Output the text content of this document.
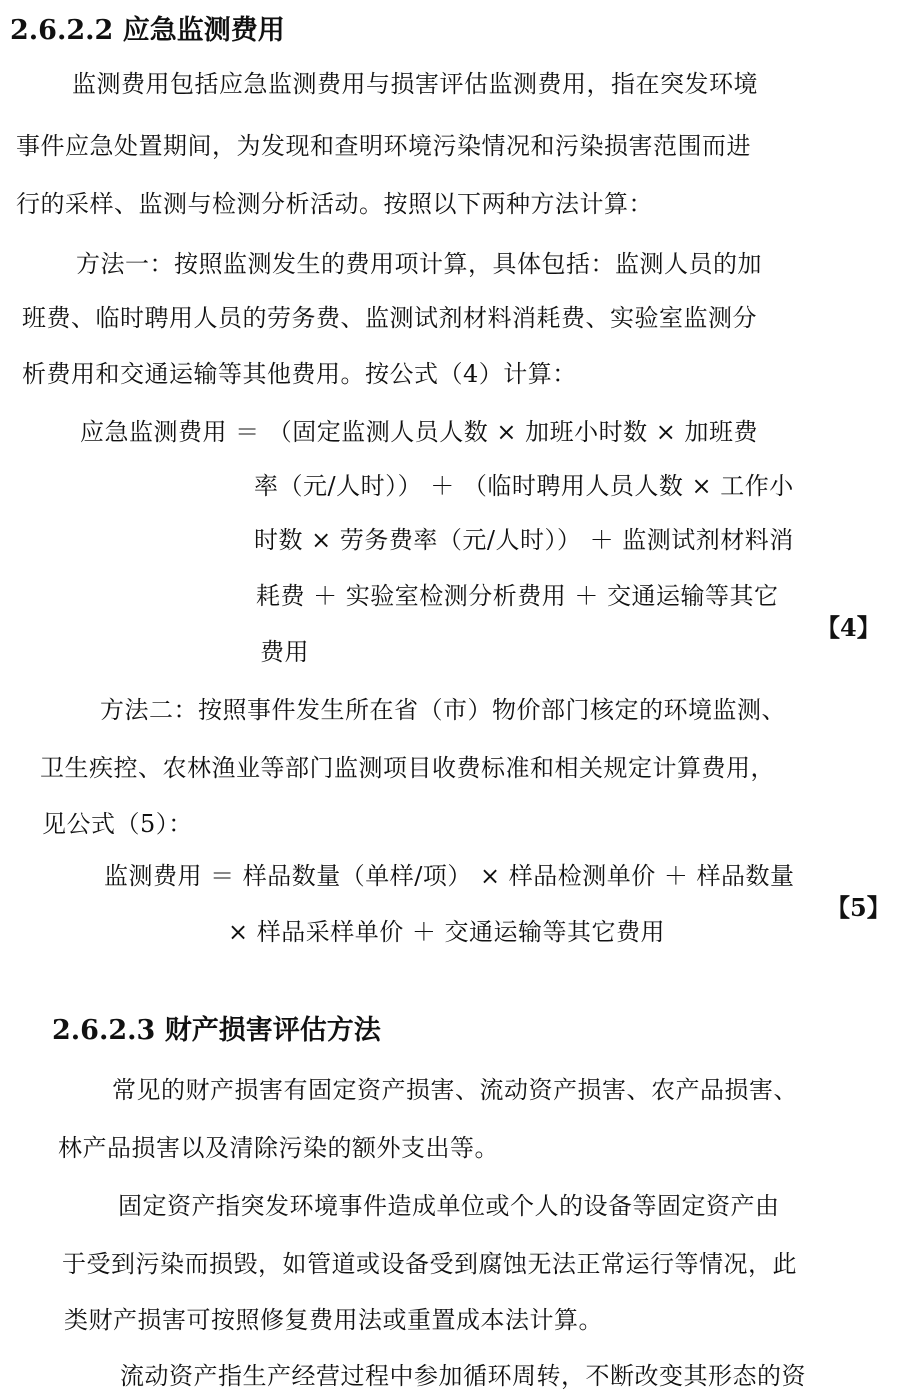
2.6.2.2 应急监测费用
监测费用包括应急监测费用与损害评估监测费用，指在突发环境
事件应急处置期间，为发现和查明环境污染情况和污染损害范围而进
行的采样、监测与检测分析活动。按照以下两种方法计算：
方法一：按照监测发生的费用项计算，具体包括：监测人员的加
班费、临时聘用人员的劳务费、监测试剂材料消耗费、实验室监测分
析费用和交通运输等其他费用。按公式（4）计算：
应急监测费用 ＝ （固定监测人员人数 × 加班小时数 × 加班费
率（元/人时）） ＋ （临时聘用人员人数 × 工作小
时数 × 劳务费率（元/人时）） ＋ 监测试剂材料消
耗费 ＋ 实验室检测分析费用 ＋ 交通运输等其它
费用
【4】
方法二：按照事件发生所在省（市）物价部门核定的环境监测、
卫生疾控、农林渔业等部门监测项目收费标准和相关规定计算费用，
见公式（5）：
监测费用 ＝ 样品数量（单样/项） × 样品检测单价 ＋ 样品数量
× 样品采样单价 ＋ 交通运输等其它费用
【5】
2.6.2.3 财产损害评估方法
常见的财产损害有固定资产损害、流动资产损害、农产品损害、
林产品损害以及清除污染的额外支出等。
固定资产指突发环境事件造成单位或个人的设备等固定资产由
于受到污染而损毁，如管道或设备受到腐蚀无法正常运行等情况，此
类财产损害可按照修复费用法或重置成本法计算。
流动资产指生产经营过程中参加循环周转，不断改变其形态的资
